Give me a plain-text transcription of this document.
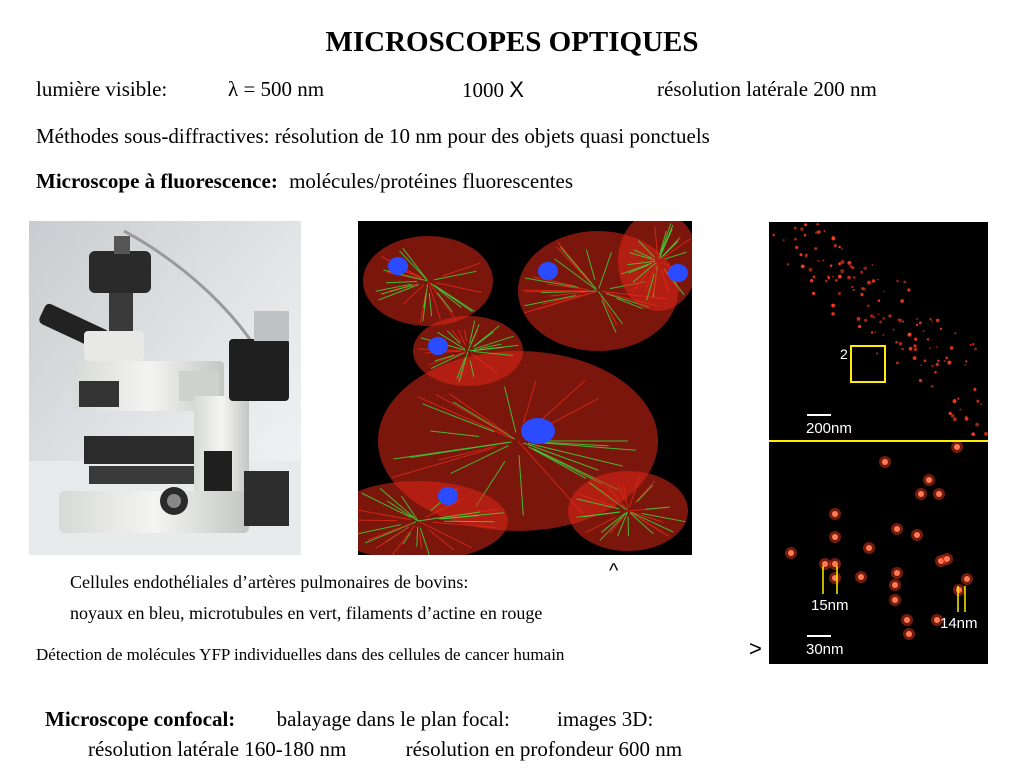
MICROSCOPES OPTIQUES
lumière visible:	λ = 500 nm	1000 X	résolution latérale 200 nm
Méthodes sous-diffractives: résolution de 10 nm pour des objets quasi ponctuels
Microscope à fluorescence: molécules/protéines fluorescentes
2
200nm
30nm
15nm
14nm
Cellules endothéliales d’artères pulmonaires de bovins:	^
noyaux en bleu, microtubules en vert, filaments d’actine en rouge
Détection de molécules YFP individuelles dans des cellules de cancer humain	>
Microscope confocal: balayage dans le plan focal: images 3D:
résolution latérale 160-180 nm	résolution en profondeur 600 nm
